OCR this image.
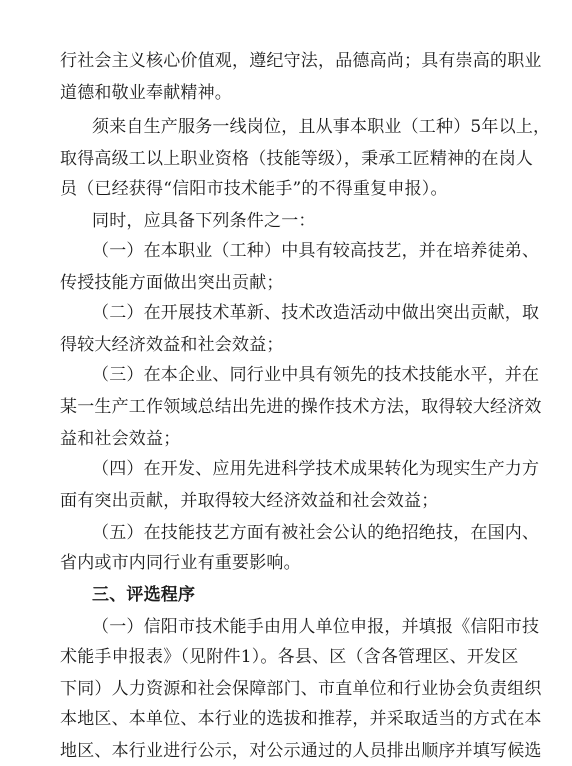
行社会主义核心价值观，遵纪守法，品德高尚；具有崇高的职业
道德和敬业奉献精神。
须来自生产服务一线岗位，且从事本职业（工种）5年以上，
取得高级工以上职业资格（技能等级），秉承工匠精神的在岗人
员（已经获得“信阳市技术能手”的不得重复申报）。
同时，应具备下列条件之一：
（一）在本职业（工种）中具有较高技艺，并在培养徒弟、
传授技能方面做出突出贡献；
（二）在开展技术革新、技术改造活动中做出突出贡献，取
得较大经济效益和社会效益；
（三）在本企业、同行业中具有领先的技术技能水平，并在
某一生产工作领域总结出先进的操作技术方法，取得较大经济效
益和社会效益；
（四）在开发、应用先进科学技术成果转化为现实生产力方
面有突出贡献，并取得较大经济效益和社会效益；
（五）在技能技艺方面有被社会公认的绝招绝技，在国内、
省内或市内同行业有重要影响。
三、评选程序
（一）信阳市技术能手由用人单位申报，并填报《信阳市技
术能手申报表》（见附件1）。各县、区（含各管理区、开发区
下同）人力资源和社会保障部门、市直单位和行业协会负责组织
本地区、本单位、本行业的选拔和推荐，并采取适当的方式在本
地区、本行业进行公示，对公示通过的人员排出顺序并填写候选
